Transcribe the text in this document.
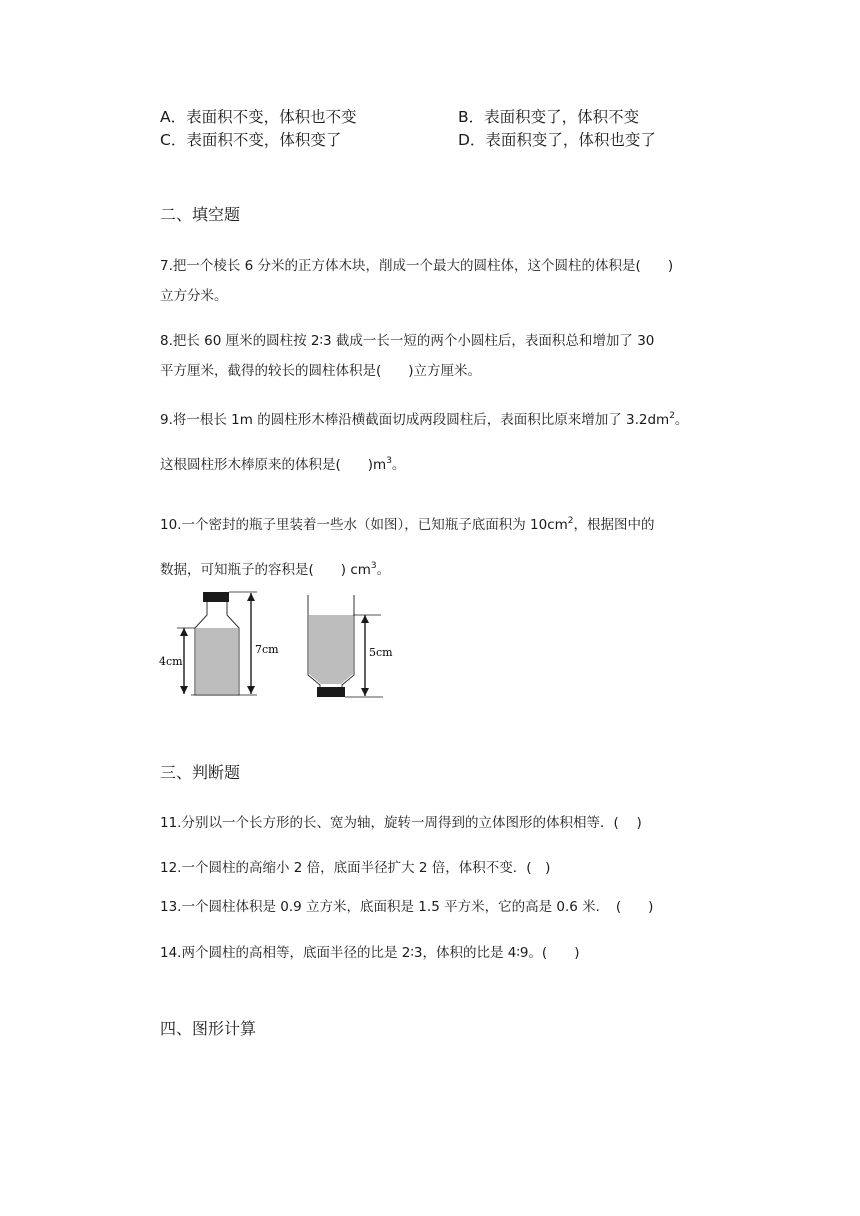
A．表面积不变，体积也不变	B．表面积变了，体积不变
C．表面积不变，体积变了	D．表面积变了，体积也变了
二、填空题
7.把一个棱长 6 分米的正方体木块，削成一个最大的圆柱体，这个圆柱的体积是(　　)
立方分米。
8.把长 60 厘米的圆柱按 2∶3 截成一长一短的两个小圆柱后，表面积总和增加了 30
平方厘米，截得的较长的圆柱体积是(　　)立方厘米。
9.将一根长 1m 的圆柱形木棒沿横截面切成两段圆柱后，表面积比原来增加了 $3.2dm^2$。
这根圆柱形木棒原来的体积是(　　)$m^3$。
10.一个密封的瓶子里装着一些水（如图），已知瓶子底面积为 $10cm^2$，根据图中的
数据，可知瓶子的容积是(　　) $cm^3$。
4cm
7cm	5cm
三、判断题
11.分别以一个长方形的长、宽为轴，旋转一周得到的立体图形的体积相等．(　 )
12.一个圆柱的高缩小 2 倍，底面半径扩大 2 倍，体积不变．(　)
13.一个圆柱体积是 0.9 立方米，底面积是 1.5 平方米，它的高是 0.6 米．　(　　)
14.两个圆柱的高相等，底面半径的比是 2∶3，体积的比是 4∶9。(　　)
四、图形计算
